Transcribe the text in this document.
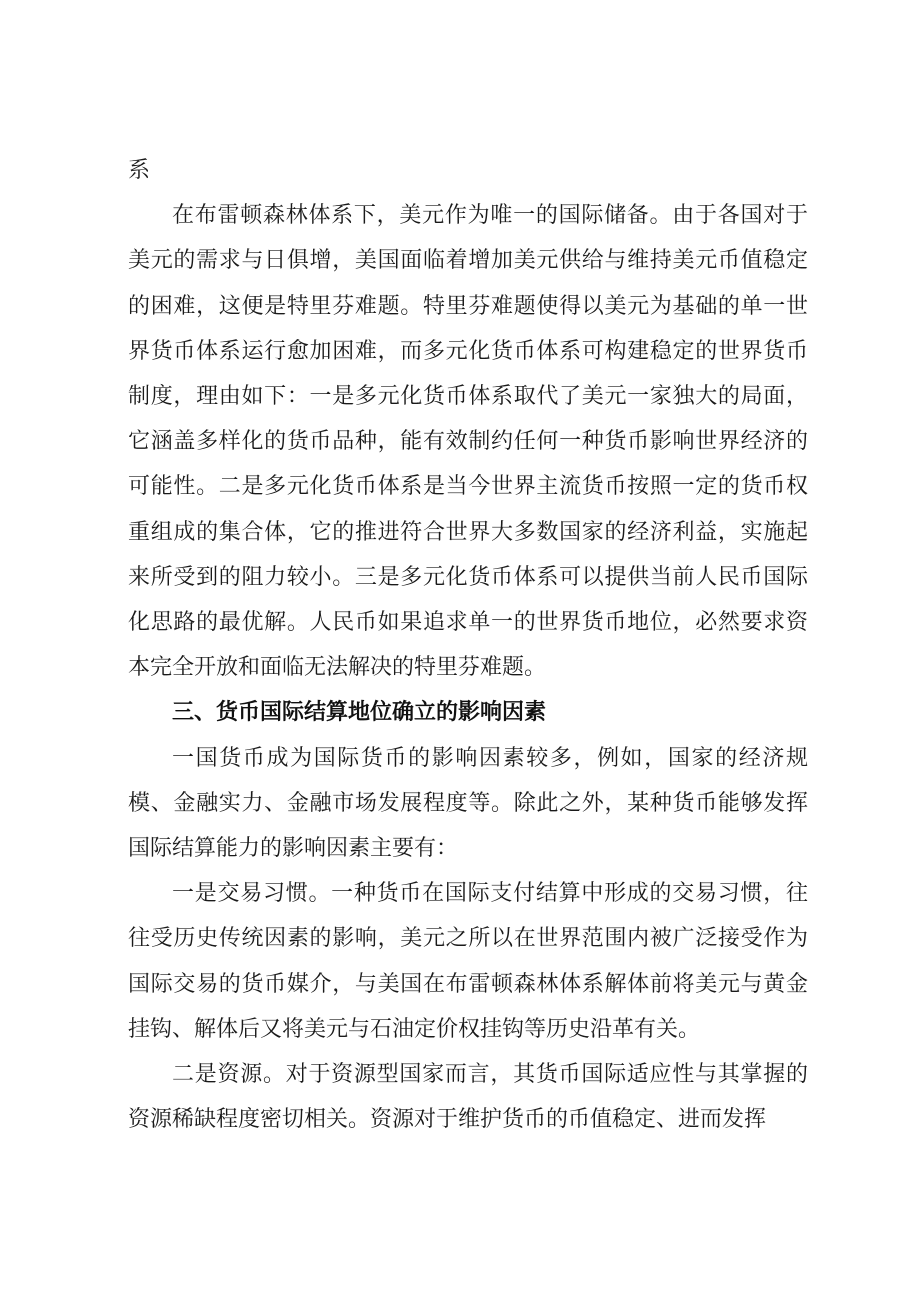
系

在布雷顿森林体系下，美元作为唯一的国际储备。由于各国对于美元的需求与日俱增，美国面临着增加美元供给与维持美元币值稳定的困难，这便是特里芬难题。特里芬难题使得以美元为基础的单一世界货币体系运行愈加困难，而多元化货币体系可构建稳定的世界货币制度，理由如下：一是多元化货币体系取代了美元一家独大的局面，它涵盖多样化的货币品种，能有效制约任何一种货币影响世界经济的可能性。二是多元化货币体系是当今世界主流货币按照一定的货币权重组成的集合体，它的推进符合世界大多数国家的经济利益，实施起来所受到的阻力较小。三是多元化货币体系可以提供当前人民币国际化思路的最优解。人民币如果追求单一的世界货币地位，必然要求资本完全开放和面临无法解决的特里芬难题。

三、货币国际结算地位确立的影响因素

一国货币成为国际货币的影响因素较多，例如，国家的经济规模、金融实力、金融市场发展程度等。除此之外，某种货币能够发挥国际结算能力的影响因素主要有：

一是交易习惯。一种货币在国际支付结算中形成的交易习惯，往往受历史传统因素的影响，美元之所以在世界范围内被广泛接受作为国际交易的货币媒介，与美国在布雷顿森林体系解体前将美元与黄金挂钩、解体后又将美元与石油定价权挂钩等历史沿革有关。

二是资源。对于资源型国家而言，其货币国际适应性与其掌握的资源稀缺程度密切相关。资源对于维护货币的币值稳定、进而发挥
